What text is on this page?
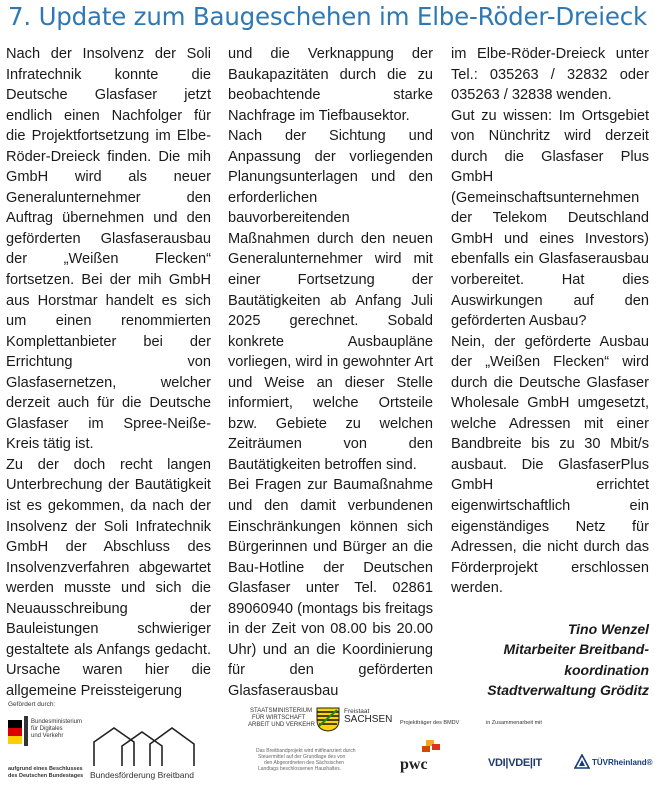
7. Update zum Baugeschehen im Elbe-Röder-Dreieck

Nach der Insolvenz der Soli Infratechnik konnte die Deutsche Glasfaser jetzt endlich einen Nachfolger für die Projektfortsetzung im Elbe-Röder-Dreieck finden. Die mih GmbH wird als neuer Generalunternehmer den Auftrag übernehmen und den geförderten Glasfaserausbau der „Weißen Flecken“ fortsetzen. Bei der mih GmbH aus Horstmar handelt es sich um einen renommierten Komplettanbieter bei der Errichtung von Glasfasernetzen, welcher derzeit auch für die Deutsche Glasfaser im Spree-Neiße-Kreis tätig ist.

Zu der doch recht langen Unterbrechung der Bautätigkeit ist es gekommen, da nach der Insolvenz der Soli Infratechnik GmbH der Abschluss des Insolvenzverfahren abgewartet werden musste und sich die Neuausschreibung der Bauleistungen schwieriger gestaltete als Anfangs gedacht. Ursache waren hier die allgemeine Preissteigerung

und die Verknappung der Baukapazitäten durch die zu beobachtende starke Nachfrage im Tiefbausektor.

Nach der Sichtung und Anpassung der vorliegenden Planungsunterlagen und den erforderlichen bauvorbereitenden Maßnahmen durch den neuen Generalunternehmer wird mit einer Fortsetzung der Bautätigkeiten ab Anfang Juli 2025 gerechnet. Sobald konkrete Ausbaupläne vorliegen, wird in gewohnter Art und Weise an dieser Stelle informiert, welche Ortsteile bzw. Gebiete zu welchen Zeiträumen von den Bautätigkeiten betroffen sind.

Bei Fragen zur Baumaßnahme und den damit verbundenen Einschränkungen können sich Bürgerinnen und Bürger an die Bau-Hotline der Deutschen Glasfaser unter Tel. 02861 89060940 (montags bis freitags in der Zeit von 08.00 bis 20.00 Uhr) und an die Koordinierung für den geförderten Glasfaserausbau

im Elbe-Röder-Dreieck unter Tel.: 035263 / 32832 oder 035263 / 32838 wenden.

Gut zu wissen: Im Ortsgebiet von Nünchritz wird derzeit durch die Glasfaser Plus GmbH (Gemeinschaftsunternehmen der Telekom Deutschland GmbH und eines Investors) ebenfalls ein Glasfaserausbau vorbereitet. Hat dies Auswirkungen auf den geförderten Ausbau?

Nein, der geförderte Ausbau der „Weißen Flecken“ wird durch die Deutsche Glasfaser Wholesale GmbH umgesetzt, welche Adressen mit einer Bandbreite bis zu 30 Mbit/s ausbaut. Die GlasfaserPlus GmbH errichtet eigenwirtschaftlich ein eigenständiges Netz für Adressen, die nicht durch das Förderprojekt erschlossen werden.

Tino Wenzel
Mitarbeiter Breitband-
koordination
Stadtverwaltung Gröditz
Gefördert durch:
Bundesministerium
für Digitales
und Verkehr
aufgrund eines Beschlusses
des Deutschen Bundestages Bundesförderung Breitband
STAATSMINISTERIUM
FÜR WIRTSCHAFT
ARBEIT UND VERKEHR
Freistaat
SACHSEN
Das Breitbandprojekt wird mitfinanziert durch
Steuermittel auf der Grundlage des von
den Abgeordneten des Sächsischen
Landtags beschlossenen Haushaltes.
Projektträger des BMDV
pwc
in Zusammenarbeit mit
VDI|VDE|IT	TÜVRheinland®
